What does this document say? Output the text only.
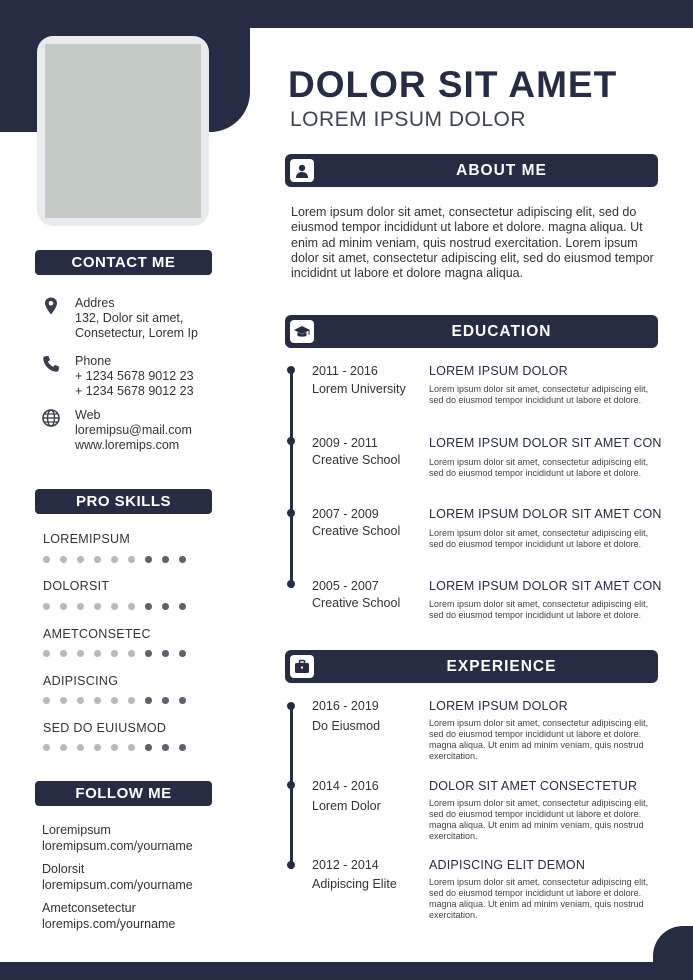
DOLOR SIT AMET
LOREM IPSUM DOLOR
CONTACT ME
Addres
132, Dolor sit amet,
Consetectur, Lorem Ip
Phone
+ 1234 5678 9012 23
+ 1234 5678 9012 23
Web
loremipsu@mail.com
www.loremips.com
PRO SKILLS
LOREMIPSUM
DOLORSIT
AMETCONSETEC
ADIPISCING
SED DO EUIUSMOD
FOLLOW ME
Loremipsum
loremipsum.com/yourname
Dolorsit
loremipsum.com/yourname
Ametconsetectur
loremips.com/yourname
ABOUT ME
Lorem ipsum dolor sit amet, consectetur adipiscing elit, sed do eiusmod tempor incididunt ut labore et dolore. magna aliqua. Ut enim ad minim veniam, quis nostrud exercitation. Lorem ipsum dolor sit amet, consectetur adipiscing elit, sed do eiusmod tempor incididnt ut labore et dolore magna aliqua.
EDUCATION
2011 - 2016
Lorem University
LOREM IPSUM DOLOR
Lorem ipsum dolor sit amet, consectetur adipiscing elit, sed do eiusmod tempor incididunt ut labore et dolore.
2009 - 2011
Creative School
LOREM IPSUM DOLOR SIT AMET CON
Lorem ipsum dolor sit amet, consectetur adipiscing elit, sed do eiusmod tempor incididunt ut labore et dolore.
2007 - 2009
Creative School
LOREM IPSUM DOLOR SIT AMET CON
Lorem ipsum dolor sit amet, consectetur adipiscing elit, sed do eiusmod tempor incididunt ut labore et dolore.
2005 - 2007
Creative School
LOREM IPSUM DOLOR SIT AMET CON
Lorem ipsum dolor sit amet, consectetur adipiscing elit, sed do eiusmod tempor incididunt ut labore et dolore.
EXPERIENCE
2016 - 2019
Do Eiusmod
LOREM IPSUM DOLOR
Lorem ipsum dolor sit amet, consectetur adipiscing elit, sed do eiusmod tempor incididunt ut labore et dolore. magna aliqua. Ut enim ad minim veniam, quis nostrud exercitation.
2014 - 2016
Lorem Dolor
DOLOR SIT AMET CONSECTETUR
Lorem ipsum dolor sit amet, consectetur adipiscing elit, sed do eiusmod tempor incididunt ut labore et dolore. magna aliqua. Ut enim ad minim veniam, quis nostrud exercitation.
2012 - 2014
Adipiscing Elite
ADIPISCING ELIT DEMON
Lorem ipsum dolor sit amet, consectetur adipiscing elit, sed do eiusmod tempor incididunt ut labore et dolore. magna aliqua. Ut enim ad minim veniam, quis nostrud exercitation.
